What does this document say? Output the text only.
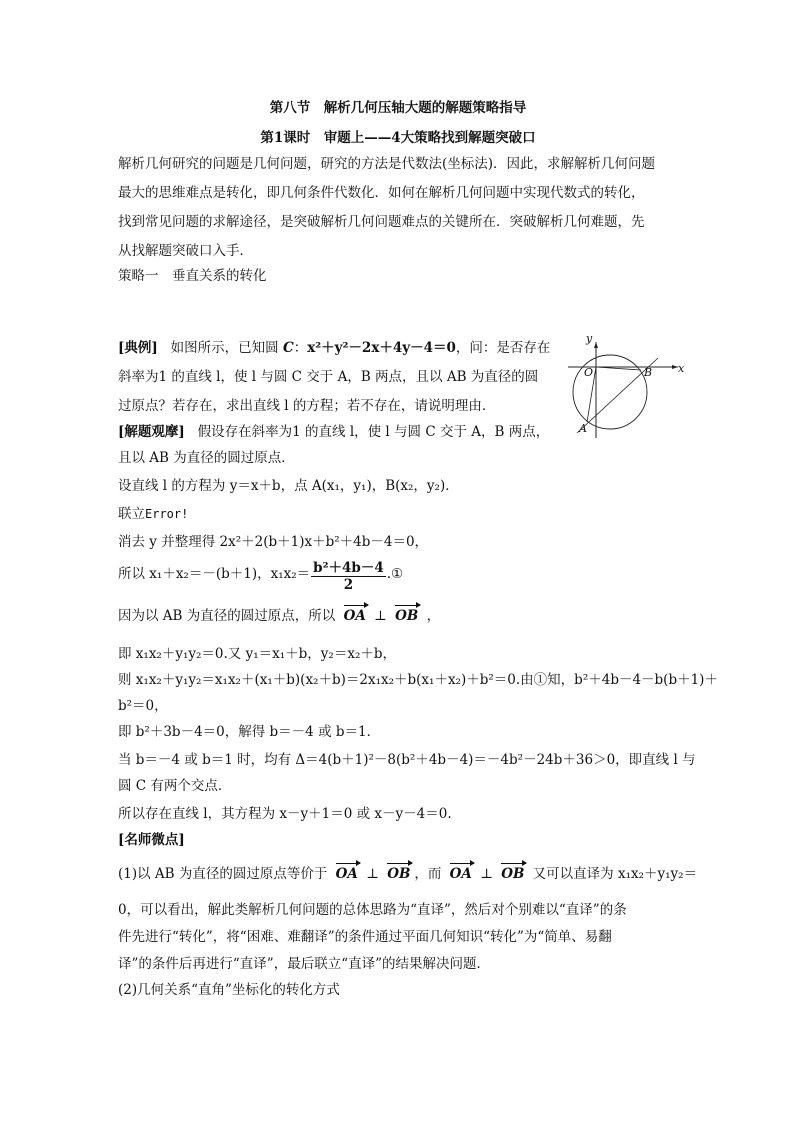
第八节　解析几何压轴大题的解题策略指导
第1课时　审题上——4大策略找到解题突破口
解析几何研究的问题是几何问题，研究的方法是代数法(坐标法)．因此，求解解析几何问题
最大的思维难点是转化，即几何条件代数化．如何在解析几何问题中实现代数式的转化，
找到常见问题的求解途径，是突破解析几何问题难点的关键所在．突破解析几何难题，先
从找解题突破口入手．
策略一　垂直关系的转化
[典例] 如图所示，已知圆 C：x²＋y²－2x＋4y－4＝0，问：是否存在
斜率为1 的直线 l，使 l 与圆 C 交于 A，B 两点，且以 AB 为直径的圆
过原点？若存在，求出直线 l 的方程；若不存在，请说明理由．
[解题观摩] 假设存在斜率为1 的直线 l，使 l 与圆 C 交于 A，B 两点，
且以 AB 为直径的圆过原点．
设直线 l 的方程为 y＝x＋b，点 A(x₁，y₁)，B(x₂，y₂)．
联立Error!
消去 y 并整理得 2x²＋2(b＋1)x＋b²＋4b－4＝0，
所以 x₁＋x₂＝－(b＋1)，$x_1x_2= \frac{\text{b²＋4b－4}}{2}$ .①
因为以 AB 为直径的圆过原点，所以 OA ⊥ OB ，
即 x₁x₂＋y₁y₂＝0.又 y₁＝x₁＋b，y₂＝x₂＋b，
则 x₁x₂＋y₁y₂＝x₁x₂＋(x₁＋b)(x₂＋b)＝2x₁x₂＋b(x₁＋x₂)＋b²＝0.由①知，b²＋4b－4－b(b＋1)＋
b²＝0，
即 b²＋3b－4＝0，解得 b＝－4 或 b＝1．
当 b＝－4 或 b＝1 时，均有 Δ＝4(b＋1)²－8(b²＋4b－4)＝－4b²－24b＋36＞0，即直线 l 与
圆 C 有两个交点．
所以存在直线 l，其方程为 x－y＋1＝0 或 x－y－4＝0.
[名师微点]
(1)以 AB 为直径的圆过原点等价于 OA ⊥ OB ，而 OA ⊥ OB 又可以直译为 x₁x₂＋y₁y₂＝
0，可以看出，解此类解析几何问题的总体思路为“直译”，然后对个别难以“直译”的条
件先进行“转化”，将“困难、难翻译”的条件通过平面几何知识“转化”为“简单、易翻
译”的条件后再进行“直译”，最后联立“直译”的结果解决问题．
(2)几何关系“直角”坐标化的转化方式
y
x
O	B
A
